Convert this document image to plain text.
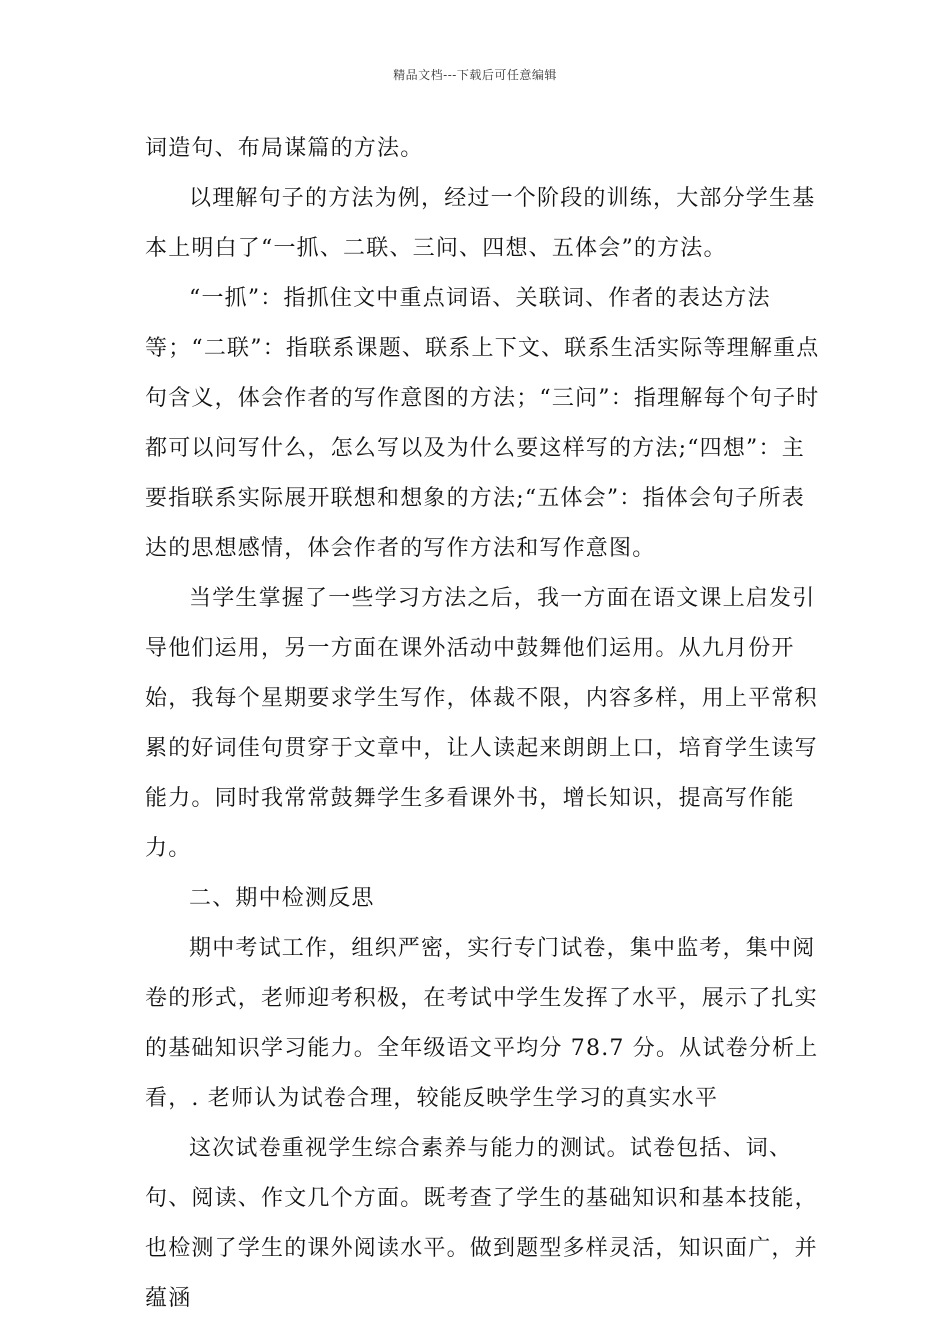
精品文档---下载后可任意编辑

词造句、布局谋篇的方法。

以理解句子的方法为例，经过一个阶段的训练，大部分学生基本上明白了“一抓、二联、三问、四想、五体会”的方法。

“一抓”：指抓住文中重点词语、关联词、作者的表达方法等；“二联”：指联系课题、联系上下文、联系生活实际等理解重点句含义，体会作者的写作意图的方法；“三问”：指理解每个句子时都可以问写什么，怎么写以及为什么要这样写的方法;“四想”：主要指联系实际展开联想和想象的方法;“五体会”：指体会句子所表达的思想感情，体会作者的写作方法和写作意图。

当学生掌握了一些学习方法之后，我一方面在语文课上启发引导他们运用，另一方面在课外活动中鼓舞他们运用。从九月份开始，我每个星期要求学生写作，体裁不限，内容多样，用上平常积累的好词佳句贯穿于文章中，让人读起来朗朗上口，培育学生读写能力。同时我常常鼓舞学生多看课外书，增长知识，提高写作能力。

二、期中检测反思

期中考试工作，组织严密，实行专门试卷，集中监考，集中阅卷的形式，老师迎考积极，在考试中学生发挥了水平，展示了扎实的基础知识学习能力。全年级语文平均分 78.7 分。从试卷分析上看，. 老师认为试卷合理，较能反映学生学习的真实水平

这次试卷重视学生综合素养与能力的测试。试卷包括、词、句、阅读、作文几个方面。既考查了学生的基础知识和基本技能，也检测了学生的课外阅读水平。做到题型多样灵活，知识面广，并蕴涵
